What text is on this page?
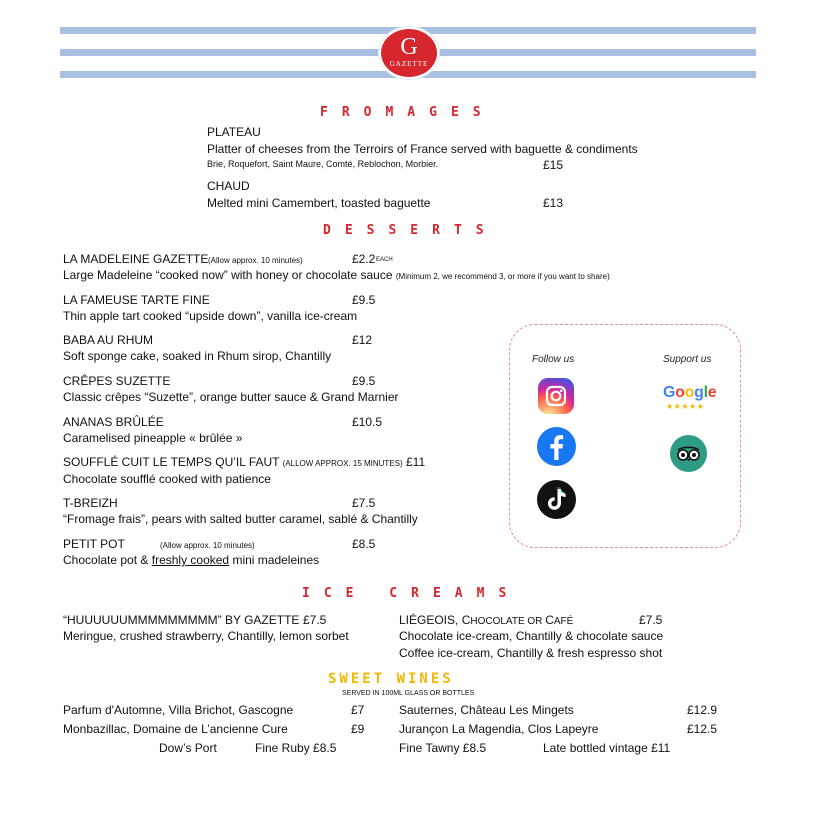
G
GAZETTE
FROMAGES
PLATEAU
Platter of cheeses from the Terroirs of France served with baguette & condiments
Brie, Roquefort, Saint Maure, Comté, Reblochon, Morbier.	£15
CHAUD
Melted mini Camembert, toasted baguette	£13
DESSERTS
LA MADELEINE GAZETTE (Allow approx. 10 minutes)	£2.2 EACH
Large Madeleine “cooked now” with honey or chocolate sauce (Minimum 2, we recommend 3, or more if you want to share)
LA FAMEUSE TARTE FINE	£9.5
Thin apple tart cooked “upside down”, vanilla ice-cream
BABA AU RHUM	£12
Soft sponge cake, soaked in Rhum sirop, Chantilly
CRÊPES SUZETTE	£9.5
Classic crêpes “Suzette”, orange butter sauce & Grand Marnier
ANANAS BRÛLÉE	£10.5
Caramelised pineapple « brûlée »
SOUFFLÉ CUIT LE TEMPS QU’IL FAUT (ALLOW APPROX. 15 MINUTES) £11
Chocolate soufflé cooked with patience
T-BREIZH	£7.5
“Fromage frais”, pears with salted butter caramel, sablé & Chantilly
PETIT POT	(Allow approx. 10 minutes)	£8.5
Chocolate pot & freshly cooked mini madeleines
Follow us	Support us
Google
★★★★★
ICE CREAMS
“HUUUUUUMMMMMMMMM” BY GAZETTE £7.5
Meringue, crushed strawberry, Chantilly, lemon sorbet
LIÉGEOIS, CHOCOLATE OR CAFÉ	£7.5
Chocolate ice-cream, Chantilly & chocolate sauce
Coffee ice-cream, Chantilly & fresh espresso shot
SWEET WINES
SERVED IN 100ML GLASS OR BOTTLES
Parfum d'Automne, Villa Brichot, Gascogne	£7
Monbazillac, Domaine de L’ancienne Cure	£9
Sauternes, Château Les Mingets	£12.9
Jurançon La Magendia, Clos Lapeyre	£12.5
Dow’s Port	Fine Ruby £8.5	Fine Tawny £8.5	Late bottled vintage £11
